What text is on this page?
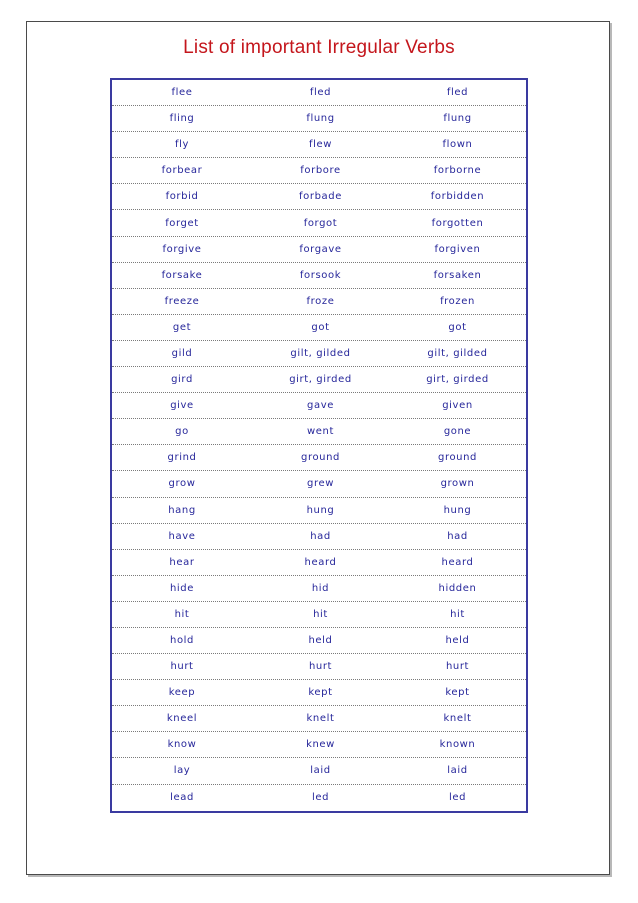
List of important Irregular Verbs
flee	fled	fled
fling	flung	flung
fly	flew	flown
forbear	forbore	forborne
forbid	forbade	forbidden
forget	forgot	forgotten
forgive	forgave	forgiven
forsake	forsook	forsaken
freeze	froze	frozen
get	got	got
gild	gilt, gilded	gilt, gilded
gird	girt, girded	girt, girded
give	gave	given
go	went	gone
grind	ground	ground
grow	grew	grown
hang	hung	hung
have	had	had
hear	heard	heard
hide	hid	hidden
hit	hit	hit
hold	held	held
hurt	hurt	hurt
keep	kept	kept
kneel	knelt	knelt
know	knew	known
lay	laid	laid
lead	led	led
